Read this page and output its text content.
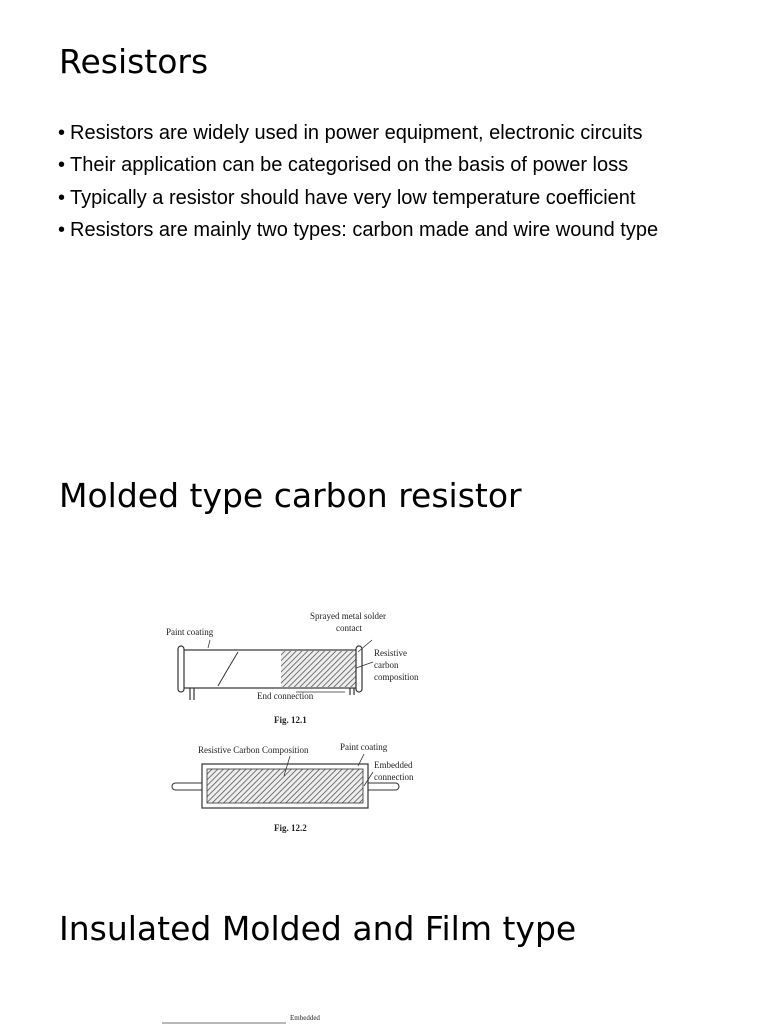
Resistors
• Resistors are widely used in power equipment, electronic circuits
• Their application can be categorised on the basis of power loss
• Typically a resistor should have very low temperature coefficient
• Resistors are mainly two types: carbon made and wire wound type
Molded type carbon resistor
Paint coating
Sprayed metal solder
contact
Resistive
carbon
composition
End connection
Fig. 12.1
Resistive Carbon Composition	Paint coating
Embedded
connection
Fig. 12.2
Insulated Molded and Film type
Embedded
